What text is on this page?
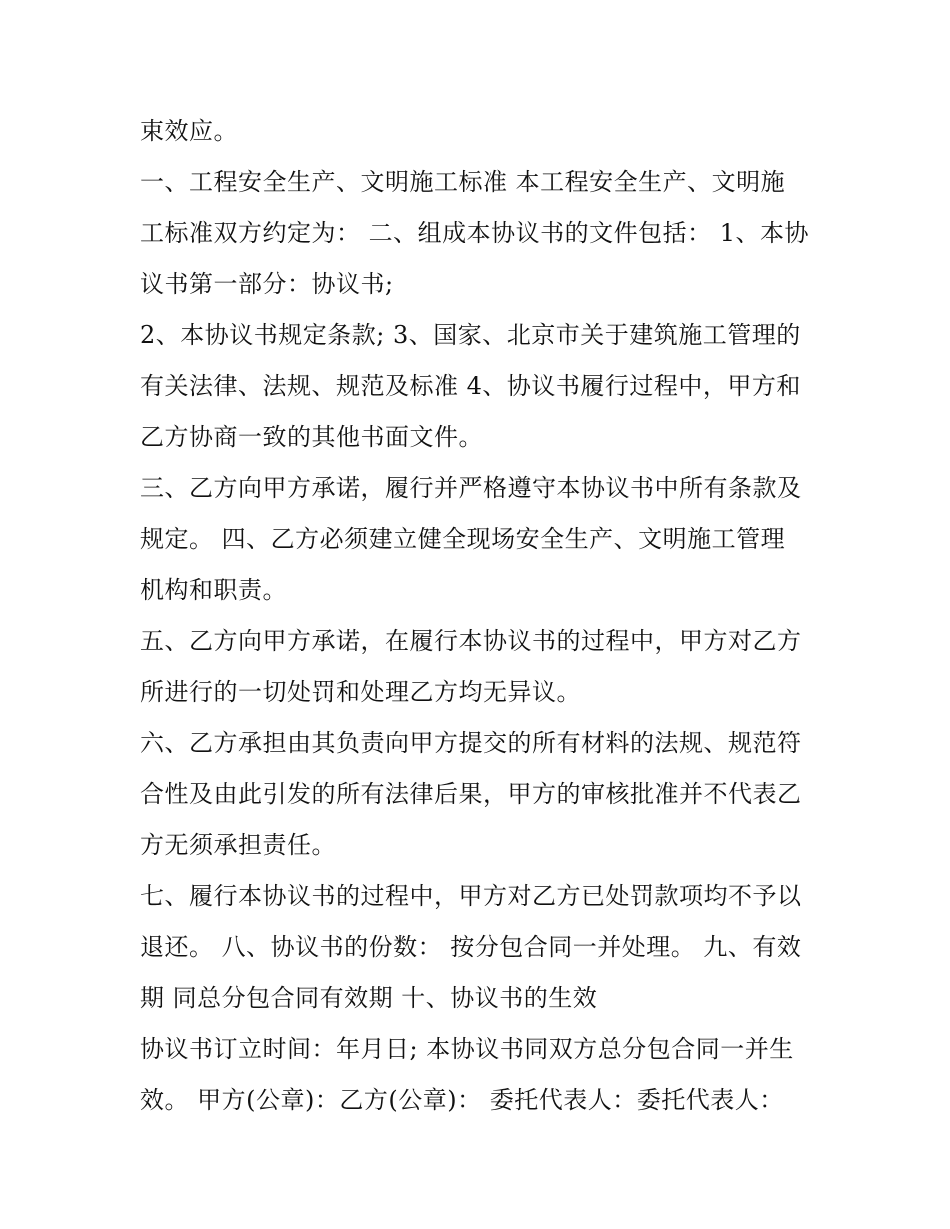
束效应。
一、工程安全生产、文明施工标准 本工程安全生产、文明施
工标准双方约定为： 二、组成本协议书的文件包括： 1、本协
议书第一部分：协议书;
2、本协议书规定条款; 3、国家、北京市关于建筑施工管理的
有关法律、法规、规范及标准 4、协议书履行过程中，甲方和
乙方协商一致的其他书面文件。
三、乙方向甲方承诺，履行并严格遵守本协议书中所有条款及
规定。 四、乙方必须建立健全现场安全生产、文明施工管理
机构和职责。
五、乙方向甲方承诺，在履行本协议书的过程中，甲方对乙方
所进行的一切处罚和处理乙方均无异议。
六、乙方承担由其负责向甲方提交的所有材料的法规、规范符
合性及由此引发的所有法律后果，甲方的审核批准并不代表乙
方无须承担责任。
七、履行本协议书的过程中，甲方对乙方已处罚款项均不予以
退还。 八、协议书的份数： 按分包合同一并处理。 九、有效
期 同总分包合同有效期 十、协议书的生效
协议书订立时间：年月日; 本协议书同双方总分包合同一并生
效。 甲方(公章)：乙方(公章)： 委托代表人：委托代表人：
